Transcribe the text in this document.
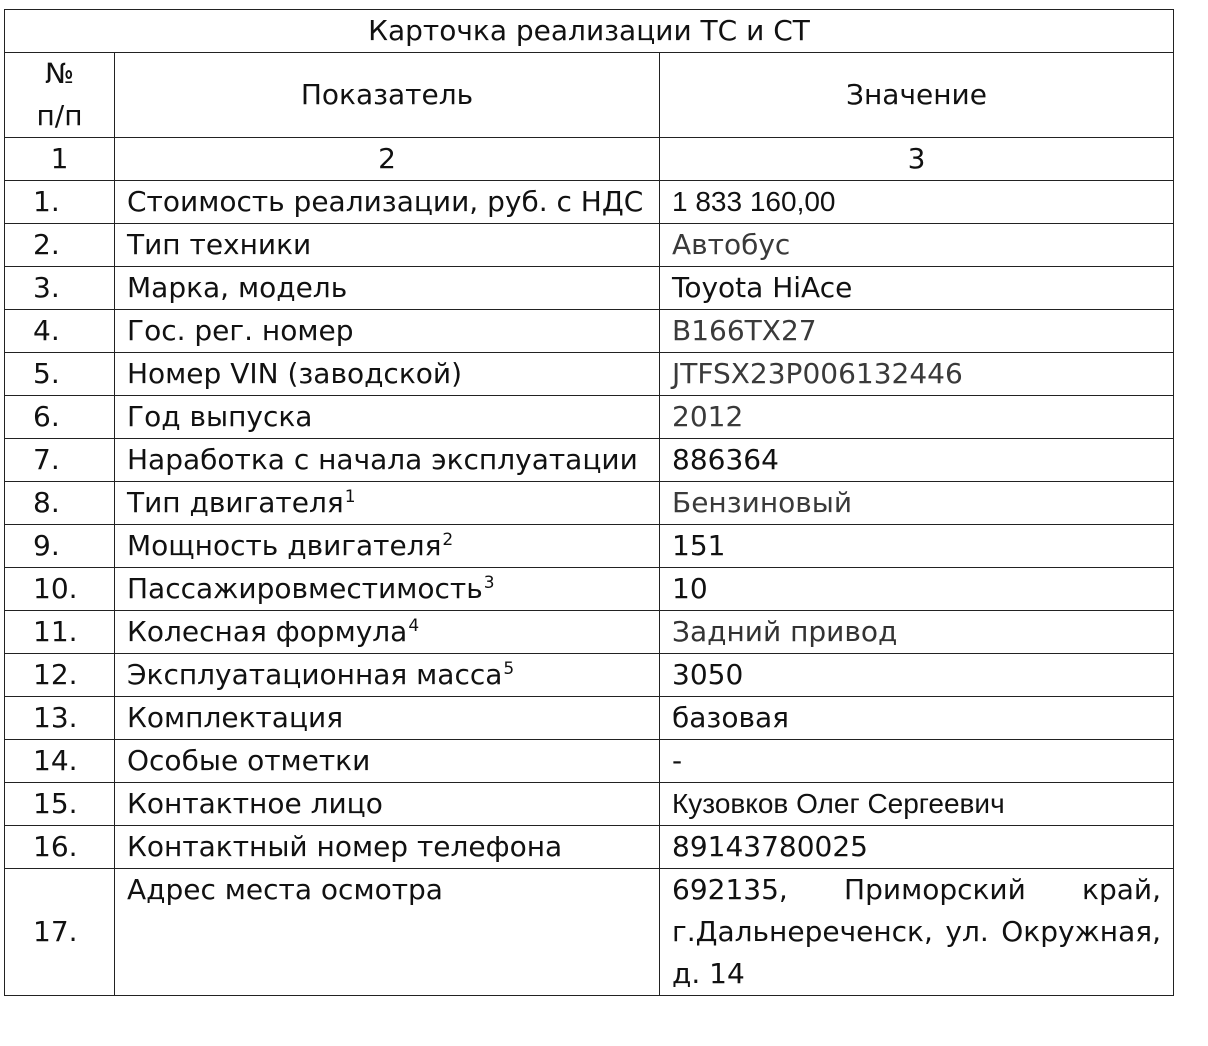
Карточка реализации ТС и СТ		

№
п/п	Показатель	Значение
1	2	3
1.	Стоимость реализации, руб. с НДС	1 833 160,00
2.	Тип техники	Автобус
3.	Марка, модель	Toyota HiAce
4.	Гос. рег. номер	В166ТХ27
5.	Номер VIN (заводской)	JTFSX23P006132446
6.	Год выпуска	2012
7.	Наработка с начала эксплуатации	886364
8.	Тип двигателя$^1$	Бензиновый
9.	Мощность двигателя$^2$	151
10.	Пассажировместимость$^3$	10
11.	Колесная формула$^4$	Задний привод
12.	Эксплуатационная масса$^5$	3050
13.	Комплектация	базовая
14.	Особые отметки	-
15.	Контактное лицо	Кузовков Олег Сергеевич
16.	Контактный номер телефона	89143780025
17.	Адрес места осмотра	692135, Приморский край, г.Дальнереченск, ул. Окружная, д. 14
